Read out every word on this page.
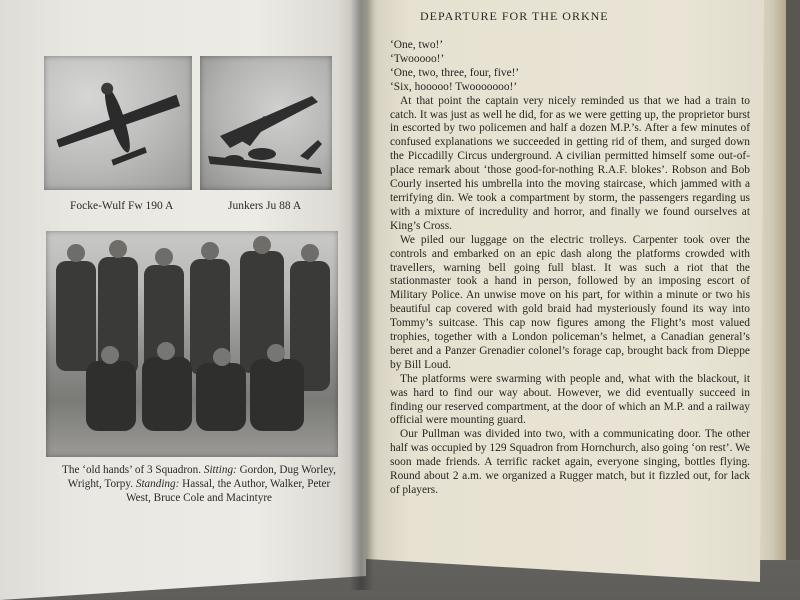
Focke-Wulf Fw 190 A	Junkers Ju 88 A
The ‘old hands’ of 3 Squadron. Sitting: Gordon, Dug Worley, Wright, Torpy. Standing: Hassal, the Author, Walker, Peter West, Bruce Cole and Macintyre
DEPARTURE FOR THE ORKNE

‘One, two!’

‘Twooooo!’

‘One, two, three, four, five!’

‘Six, hooooo! Twooooooo!’

At that point the captain very nicely reminded us that we had a train to catch. It was just as well he did, for as we were getting up, the proprietor burst in escorted by two policemen and half a dozen M.P.’s. After a few minutes of confused explanations we succeeded in getting rid of them, and surged down the Piccadilly Circus underground. A civilian permitted himself some out-of-place remark about ‘those good-for-nothing R.A.F. blokes’. Robson and Bob Courly inserted his umbrella into the moving staircase, which jammed with a terrifying din. We took a compartment by storm, the passengers regarding us with a mixture of incredulity and horror, and finally we found ourselves at King’s Cross.

We piled our luggage on the electric trolleys. Carpenter took over the controls and embarked on an epic dash along the platforms crowded with travellers, warning bell going full blast. It was such a riot that the stationmaster took a hand in person, followed by an imposing escort of Military Police. An unwise move on his part, for within a minute or two his beautiful cap covered with gold braid had mysteriously found its way into Tommy’s suitcase. This cap now figures among the Flight’s most valued trophies, together with a London policeman’s helmet, a Canadian general’s beret and a Panzer Grenadier colonel’s forage cap, brought back from Dieppe by Bill Loud.

The platforms were swarming with people and, what with the blackout, it was hard to find our way about. However, we did eventually succeed in finding our reserved compartment, at the door of which an M.P. and a railway official were mounting guard.

Our Pullman was divided into two, with a communicating door. The other half was occupied by 129 Squadron from Hornchurch, also going ‘on rest’. We soon made friends. A terrific racket again, everyone singing, bottles flying. Round about 2 a.m. we organized a Rugger match, but it fizzled out, for lack of players.
